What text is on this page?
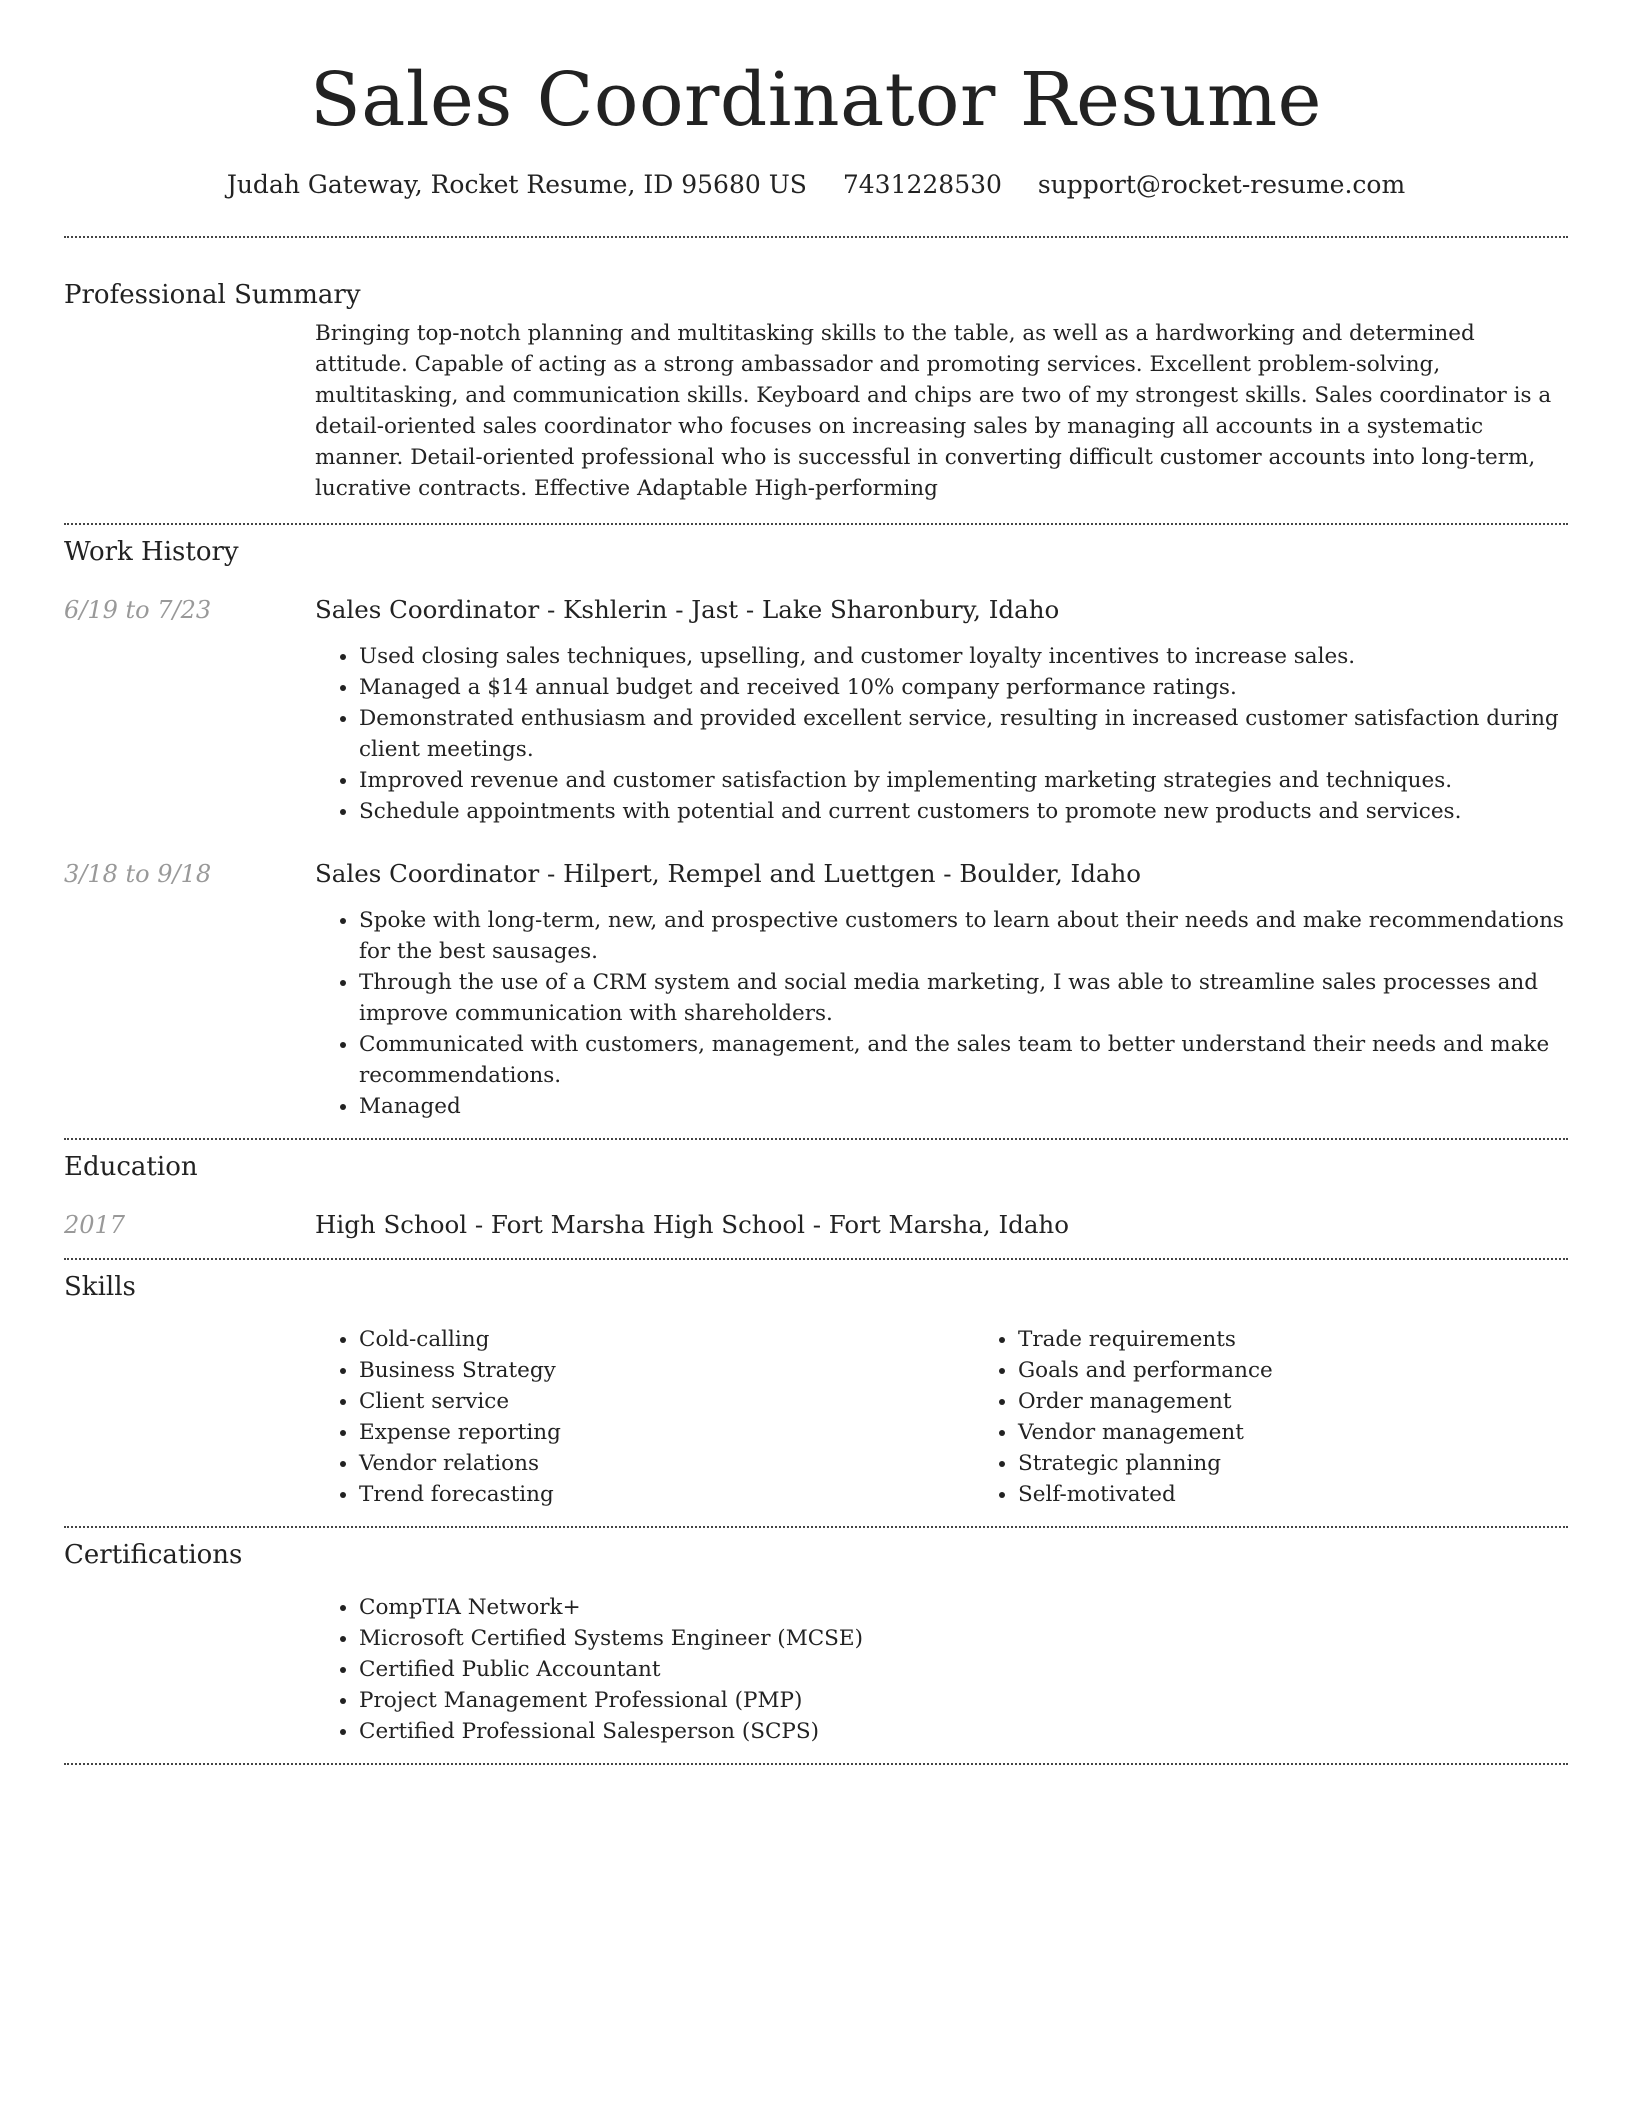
Sales Coordinator Resume
Judah Gateway, Rocket Resume, ID 95680 US 7431228530 support@rocket-resume.com
Professional Summary
Bringing top-notch planning and multitasking skills to the table, as well as a hardworking and determined attitude. Capable of acting as a strong ambassador and promoting services. Excellent problem-solving, multitasking, and communication skills. Keyboard and chips are two of my strongest skills. Sales coordinator is a detail-oriented sales coordinator who focuses on increasing sales by managing all accounts in a systematic manner. Detail-oriented professional who is successful in converting difficult customer accounts into long-term, lucrative contracts. Effective Adaptable High-performing
Work History
6/19 to 7/23	Sales Coordinator - Kshlerin - Jast - Lake Sharonbury, Idaho
• Used closing sales techniques, upselling, and customer loyalty incentives to increase sales.
• Managed a $14 annual budget and received 10% company performance ratings.
• Demonstrated enthusiasm and provided excellent service, resulting in increased customer satisfaction during client meetings.
• Improved revenue and customer satisfaction by implementing marketing strategies and techniques.
• Schedule appointments with potential and current customers to promote new products and services.
3/18 to 9/18	Sales Coordinator - Hilpert, Rempel and Luettgen - Boulder, Idaho
• Spoke with long-term, new, and prospective customers to learn about their needs and make recommendations for the best sausages.
• Through the use of a CRM system and social media marketing, I was able to streamline sales processes and improve communication with shareholders.
• Communicated with customers, management, and the sales team to better understand their needs and make recommendations.
• Managed
Education
2017	High School - Fort Marsha High School - Fort Marsha, Idaho
Skills
• Cold-calling
• Business Strategy
• Client service
• Expense reporting
• Vendor relations
• Trend forecasting
• Trade requirements
• Goals and performance
• Order management
• Vendor management
• Strategic planning
• Self-motivated
Certifications
• CompTIA Network+
• Microsoft Certified Systems Engineer (MCSE)
• Certified Public Accountant
• Project Management Professional (PMP)
• Certified Professional Salesperson (SCPS)
